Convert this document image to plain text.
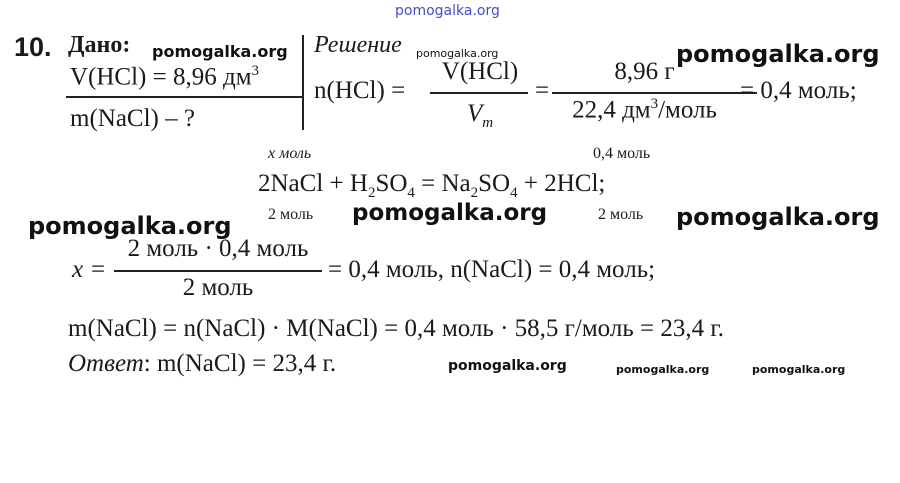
pomogalka.org
10. Дано: pomogalka.org
V(HCl) = 8,96 $дм^3$
m(NaCl) – ?
Решение pomogalka.org	pomogalka.org
n(HCl) =
V(HCl)
$V_m$
=
8,96 г
22,4 $дм^3$/моль
= 0,4 моль;
x моль	0,4 моль
2NaCl + $H_2SO_4 = Na_2SO_4 + 2HCl$;
2 моль pomogalka.org	2 моль pomogalka.org
pomogalka.org
x =
2 моль · 0,4 моль
2 моль
= 0,4 моль, n(NaCl) = 0,4 моль;
m(NaCl) = n(NaCl) · M(NaCl) = 0,4 моль · 58,5 г/моль = 23,4 г.
Ответ: m(NaCl) = 23,4 г.	pomogalka.org	pomogalka.org	pomogalka.org
